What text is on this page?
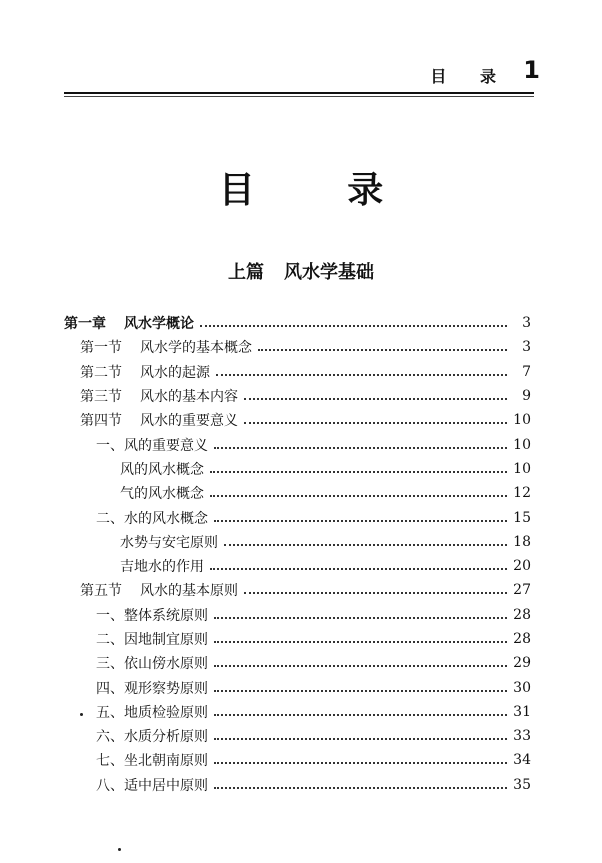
目 录 1
目 录
上篇 风水学基础
第一章 风水学概论	3
第一节 风水学的基本概念	3
第二节 风水的起源	7
第三节 风水的基本内容	9
第四节 风水的重要意义	10
一、风的重要意义	10
风的风水概念	10
气的风水概念	12
二、水的风水概念	15
水势与安宅原则	18
吉地水的作用	20
第五节 风水的基本原则	27
一、整体系统原则	28
二、因地制宜原则	28
三、依山傍水原则	29
四、观形察势原则	30
五、地质检验原则	31
六、水质分析原则	33
七、坐北朝南原则	34
八、适中居中原则	35
